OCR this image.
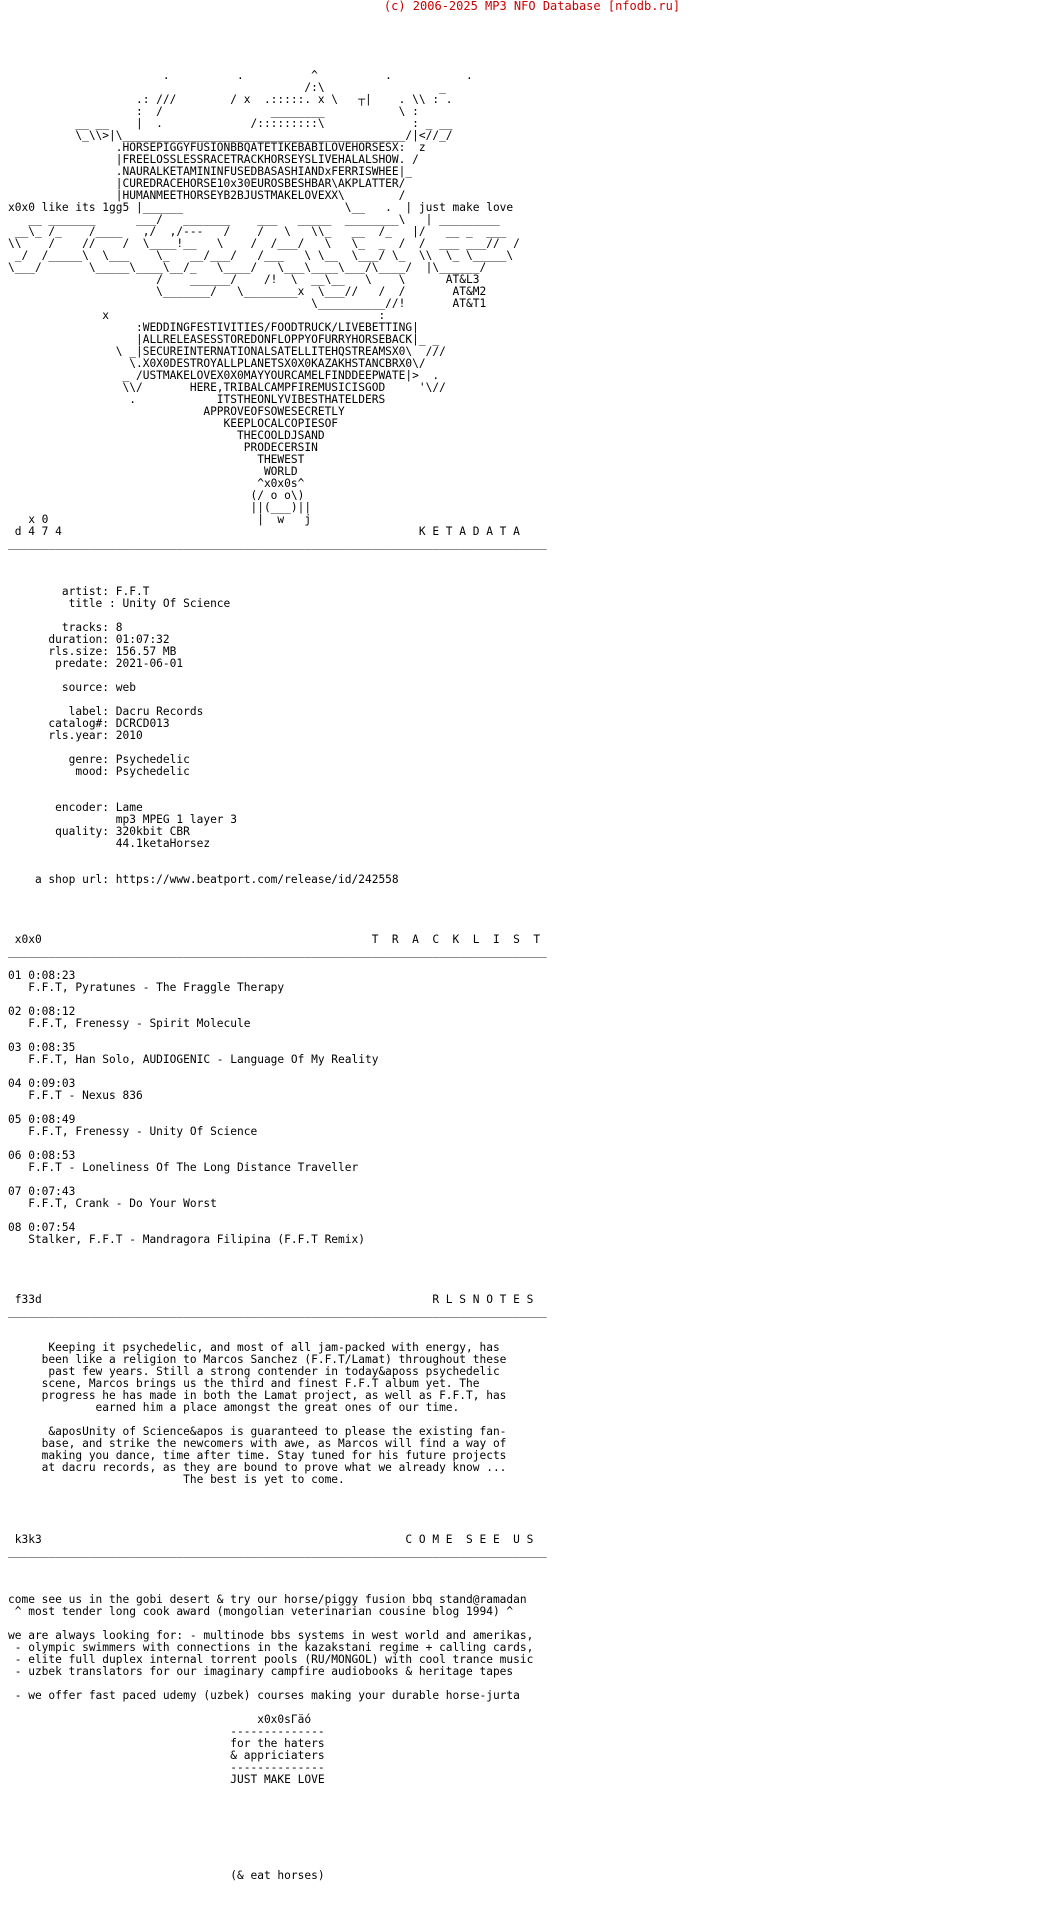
(c) 2006-2025 MP3 NFO Database [nfodb.ru]

.          .          ^          .           .
/:\                 _
.: ///        / x  .:::::. x \   ┬|    . \\ : .
:  /                ________           \ :
__ __    |  .             /:::::::::\             : _ __
\_\\>|\__________________________________________/|<//_/
.HORSEPIGGYFUSIONBBQATETIKEBABILOVEHORSESX:  z
|FREELOSSLESSRACETRACKHORSEYSLIVEHALALSHOW. /
.NAURALKETAMININFUSEDBASASHIANDxFERRISWHEE|_
|CUREDRACEHORSE10x30EUROSBESHBAR\AKPLATTER/
|HUMANMEETHORSEYB2BJUSTMAKELOVEXX\        /
x0x0 like its 1gg5 |______                        \__   .  | just make love
__ _______      ___/   _______    ___   _____  ________\   | _________
__\_ /_    /____   ,/  ,/---   /    /   \   \\_   __  /_   |/   __ _  ___
\\    /    //    /  \____!__   \    /  /___/   \   \_  _  /  /  ___ ___//  /
_/  /_____\  \___    \_   __/___/   /___   \ \__  \___/ \_  \\  \_ \_____\
\___/       \_____\____\__/_   \____/   \___\____\___/\____/  |\______/
/    ______/    /!  \  __\__   \    \      AT&L3
\_______/   \________x  \___//   /  /       AT&M2
\__________//!       AT&T1
x                                        :
:WEDDINGFESTIVITIES/FOODTRUCK/LIVEBETTING|
|ALLRELEASESSTOREDONFLOPPYOFURRYHORSEBACK|_ _
\ _|SECUREINTERNATIONALSATELLITEHQSTREAMSX0\  ///
\.X0X0DESTROYALLPLANETSX0X0KAZAKHSTANCBRX0\/
_ /USTMAKELOVEX0X0MAYYOURCAMELFINDDEEPWATE|>  .
\\/       HERE,TRIBALCAMPFIREMUSICISGOD     '\//
.            ITSTHEONLYVIBESTHATELDERS
APPROVEOFSOWESECRETLY
KEEPLOCALCOPIESOF
THECOOLDJSAND
PRODECERSIN
THEWEST
WORLD
^x0x0s^
(/ o o\)
||(___)||
x 0                               |  w   j
d 4 7 4                                                     K E T A D A T A
________________________________________________________________________________

artist: F.F.T
title : Unity Of Science

tracks: 8
duration: 01:07:32
rls.size: 156.57 MB
predate: 2021-06-01

source: web

label: Dacru Records
catalog#: DCRCD013
rls.year: 2010

genre: Psychedelic
mood: Psychedelic

encoder: Lame
mp3 MPEG 1 layer 3
quality: 320kbit CBR
44.1ketaHorsez

a shop url: https://www.beatport.com/release/id/242558

x0x0                                                 T  R  A  C  K  L  I  S  T
________________________________________________________________________________

01 0:08:23
F.F.T, Pyratunes - The Fraggle Therapy

02 0:08:12
F.F.T, Frenessy - Spirit Molecule

03 0:08:35
F.F.T, Han Solo, AUDIOGENIC - Language Of My Reality

04 0:09:03
F.F.T - Nexus 836

05 0:08:49
F.F.T, Frenessy - Unity Of Science

06 0:08:53
F.F.T - Loneliness Of The Long Distance Traveller

07 0:07:43
F.F.T, Crank - Do Your Worst

08 0:07:54
Stalker, F.F.T - Mandragora Filipina (F.F.T Remix)

f33d                                                          R L S N O T E S
________________________________________________________________________________

Keeping it psychedelic, and most of all jam-packed with energy, has
been like a religion to Marcos Sanchez (F.F.T/Lamat) throughout these
past few years. Still a strong contender in today&aposs psychedelic
scene, Marcos brings us the third and finest F.F.T album yet. The
progress he has made in both the Lamat project, as well as F.F.T, has
earned him a place amongst the great ones of our time.

&aposUnity of Science&apos is guaranteed to please the existing fan-
base, and strike the newcomers with awe, as Marcos will find a way of
making you dance, time after time. Stay tuned for his future projects
at dacru records, as they are bound to prove what we already know ...
The best is yet to come.

k3k3                                                      C O M E  S E E  U S
________________________________________________________________________________

come see us in the gobi desert & try our horse/piggy fusion bbq stand@ramadan
^ most tender long cook award (mongolian veterinarian cousine blog 1994) ^

we are always looking for: - multinode bbs systems in west world and amerikas,
- olympic swimmers with connections in the kazakstani regime + calling cards,
- elite full duplex internal torrent pools (RU/MONGOL) with cool trance music
- uzbek translators for our imaginary campfire audiobooks & heritage tapes

- we offer fast paced udemy (uzbek) courses making your durable horse-jurta

x0x0sГäó
--------------
for the haters
& appriciaters
--------------
JUST MAKE LOVE

(& eat horses)
